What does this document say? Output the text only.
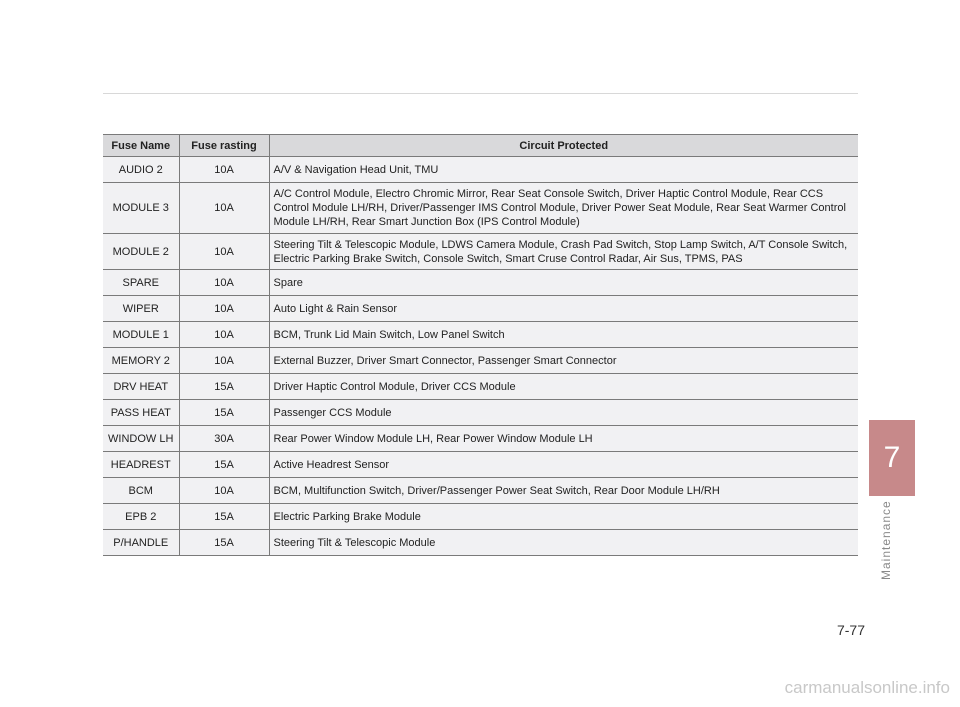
Fuse Name	Fuse rasting	Circuit Protected
AUDIO 2	10A	A/V & Navigation Head Unit, TMU
MODULE 3	10A	A/C Control Module, Electro Chromic Mirror, Rear Seat Console Switch, Driver Haptic Control Module, Rear CCS Control Module LH/RH, Driver/Passenger IMS Control Module, Driver Power Seat Module, Rear Seat Warmer Control Module LH/RH, Rear Smart Junction Box (IPS Control Module)
MODULE 2	10A	Steering Tilt & Telescopic Module, LDWS Camera Module, Crash Pad Switch, Stop Lamp Switch, A/T Console Switch, Electric Parking Brake Switch, Console Switch, Smart Cruse Control Radar, Air Sus, TPMS, PAS
SPARE	10A	Spare
WIPER	10A	Auto Light & Rain Sensor
MODULE 1	10A	BCM, Trunk Lid Main Switch, Low Panel Switch
MEMORY 2	10A	External Buzzer, Driver Smart Connector, Passenger Smart Connector
DRV HEAT	15A	Driver Haptic Control Module, Driver CCS Module
PASS HEAT	15A	Passenger CCS Module
WINDOW LH	30A	Rear Power Window Module LH, Rear Power Window Module LH
HEADREST	15A	Active Headrest Sensor
BCM	10A	BCM, Multifunction Switch, Driver/Passenger Power Seat Switch, Rear Door Module LH/RH
EPB 2	15A	Electric Parking Brake Module
P/HANDLE	15A	Steering Tilt & Telescopic Module
7
Maintenance
7-77
carmanualsonline.info
